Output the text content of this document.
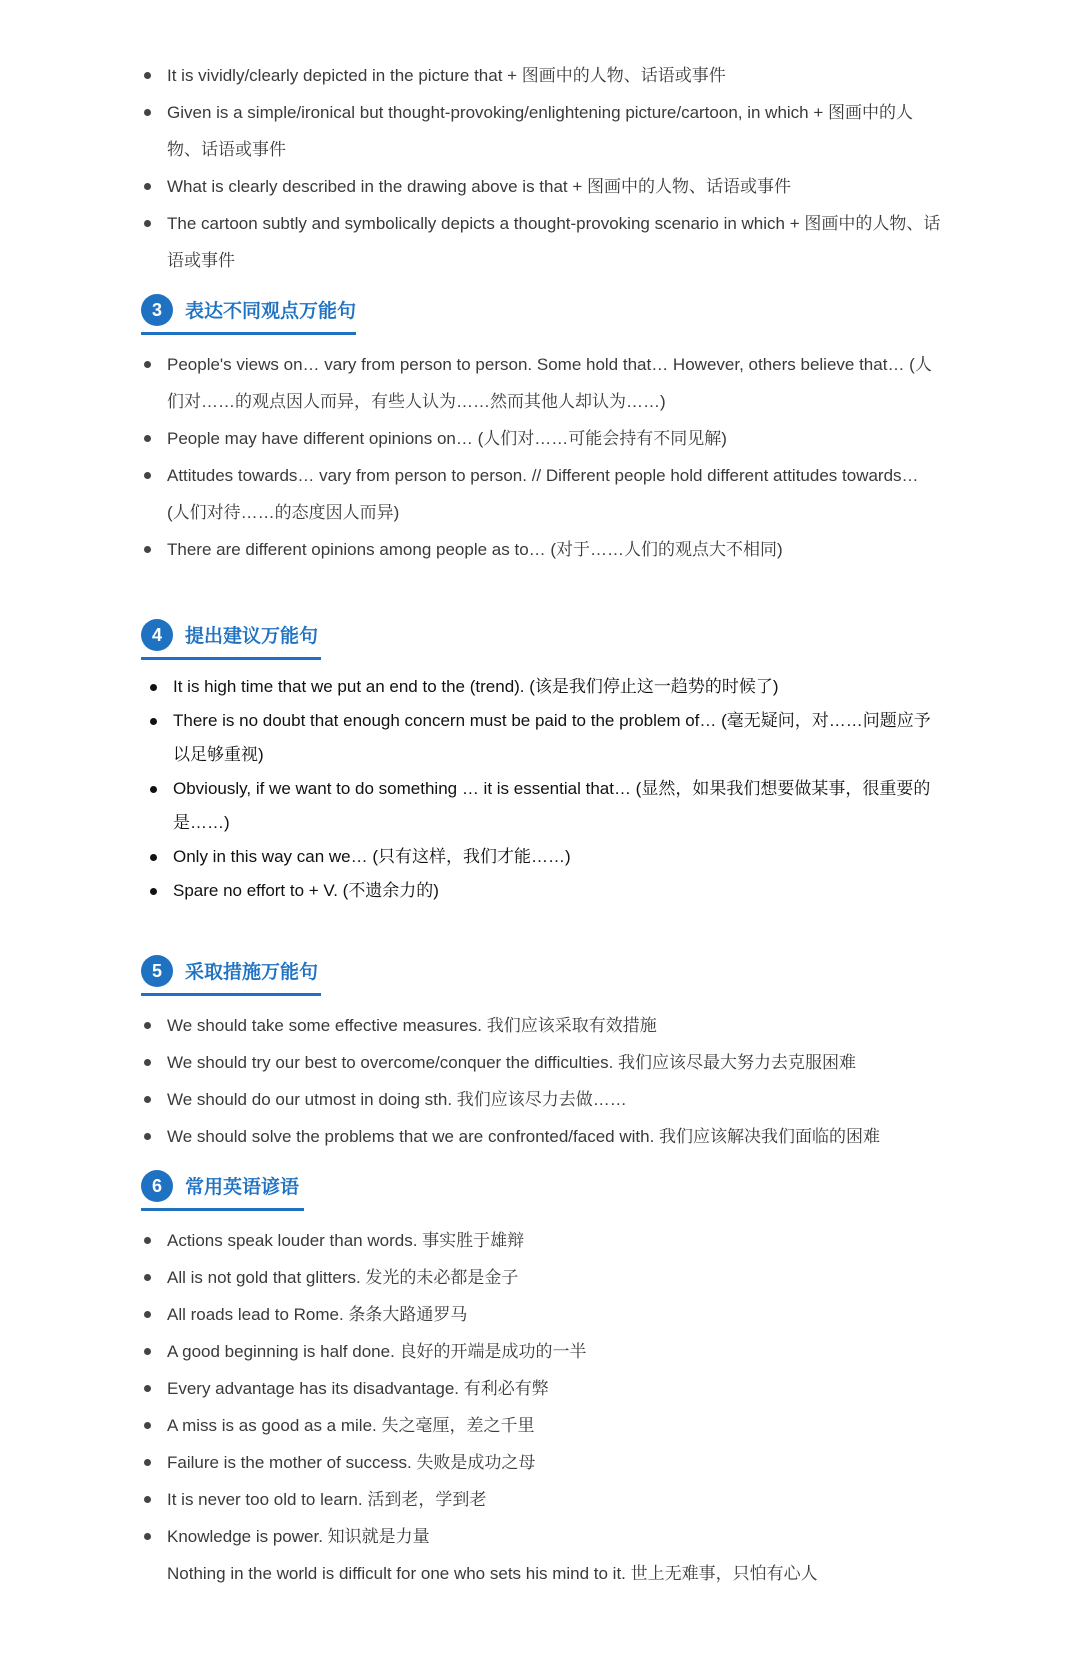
It is vividly/clearly depicted in the picture that + 图画中的人物、话语或事件
Given is a simple/ironical but thought-provoking/enlightening picture/cartoon, in which + 图画中的人物、话语或事件
What is clearly described in the drawing above is that + 图画中的人物、话语或事件
The cartoon subtly and symbolically depicts a thought-provoking scenario in which + 图画中的人物、话语或事件
3	表达不同观点万能句
People's views on… vary from person to person. Some hold that… However, others believe that… (人们对……的观点因人而异，有些人认为……然而其他人却认为……)
People may have different opinions on… (人们对……可能会持有不同见解)
Attitudes towards… vary from person to person. // Different people hold different attitudes towards… (人们对待……的态度因人而异)
There are different opinions among people as to… (对于……人们的观点大不相同)
4	提出建议万能句
It is high time that we put an end to the (trend). (该是我们停止这一趋势的时候了)
There is no doubt that enough concern must be paid to the problem of… (毫无疑问，对……问题应予以足够重视)
Obviously, if we want to do something … it is essential that… (显然，如果我们想要做某事，很重要的是……)
Only in this way can we… (只有这样，我们才能……)
Spare no effort to + V. (不遗余力的)
5	采取措施万能句
We should take some effective measures. 我们应该采取有效措施
We should try our best to overcome/conquer the difficulties. 我们应该尽最大努力去克服困难
We should do our utmost in doing sth. 我们应该尽力去做……
We should solve the problems that we are confronted/faced with. 我们应该解决我们面临的困难
6	常用英语谚语
Actions speak louder than words. 事实胜于雄辩
All is not gold that glitters. 发光的未必都是金子
All roads lead to Rome. 条条大路通罗马
A good beginning is half done. 良好的开端是成功的一半
Every advantage has its disadvantage. 有利必有弊
A miss is as good as a mile. 失之毫厘，差之千里
Failure is the mother of success. 失败是成功之母
It is never too old to learn. 活到老，学到老
Knowledge is power. 知识就是力量
Nothing in the world is difficult for one who sets his mind to it. 世上无难事，只怕有心人
